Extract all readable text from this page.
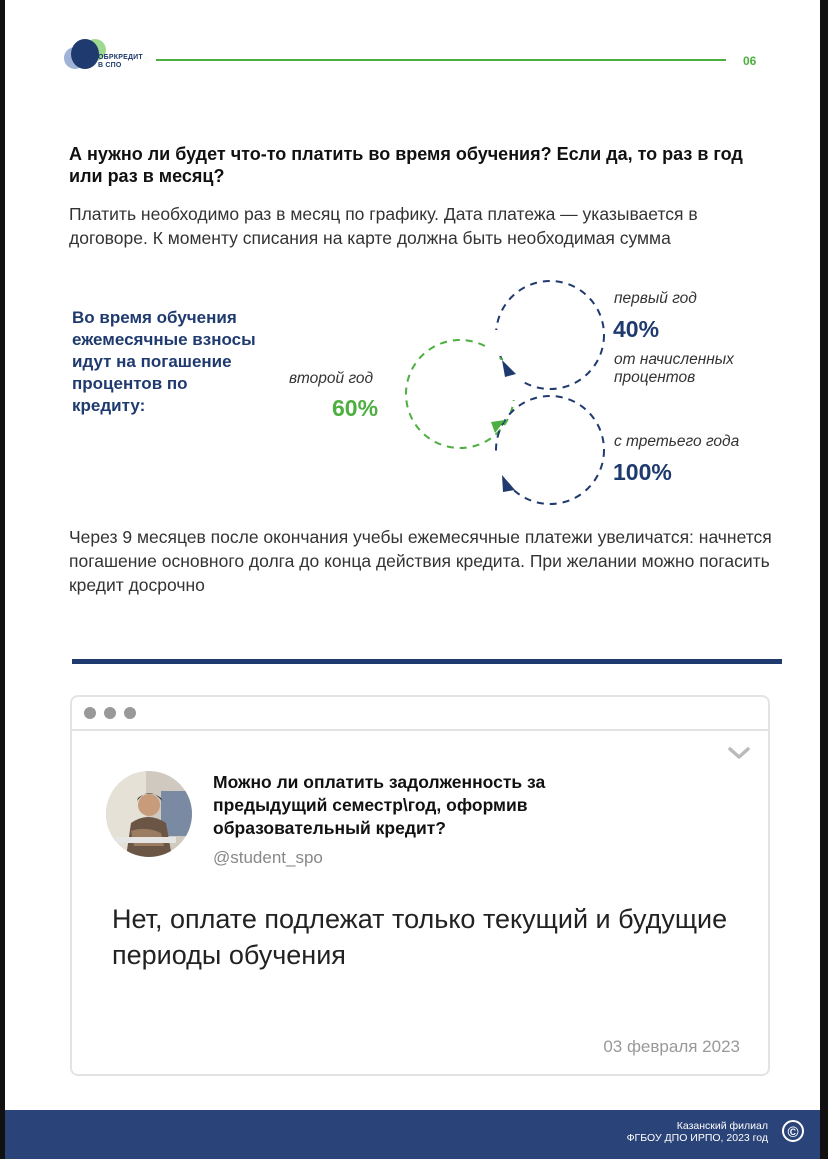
ОБРКРЕДИТ
В СПО	06
А нужно ли будет что-то платить во время обучения? Если да, то раз в год или раз в месяц?
Платить необходимо раз в месяц по графику. Дата платежа — указывается в договоре. К моменту списания на карте должна быть необходимая сумма
Во время обучения ежемесячные взносы идут на погашение процентов по кредиту:
первый год
40%
от начисленных процентов
второй год
60%
с третьего года
100%
Через 9 месяцев после окончания учебы ежемесячные платежи увеличатся: начнется погашение основного долга до конца действия кредита. При желании можно погасить кредит досрочно
Можно ли оплатить задолженность за предыдущий семестр\год, оформив образовательный кредит?
@student_spo
Нет, оплате подлежат только текущий и будущие периоды обучения
03 февраля 2023
Казанский филиал
ФГБОУ ДПО ИРПО, 2023 год	©
